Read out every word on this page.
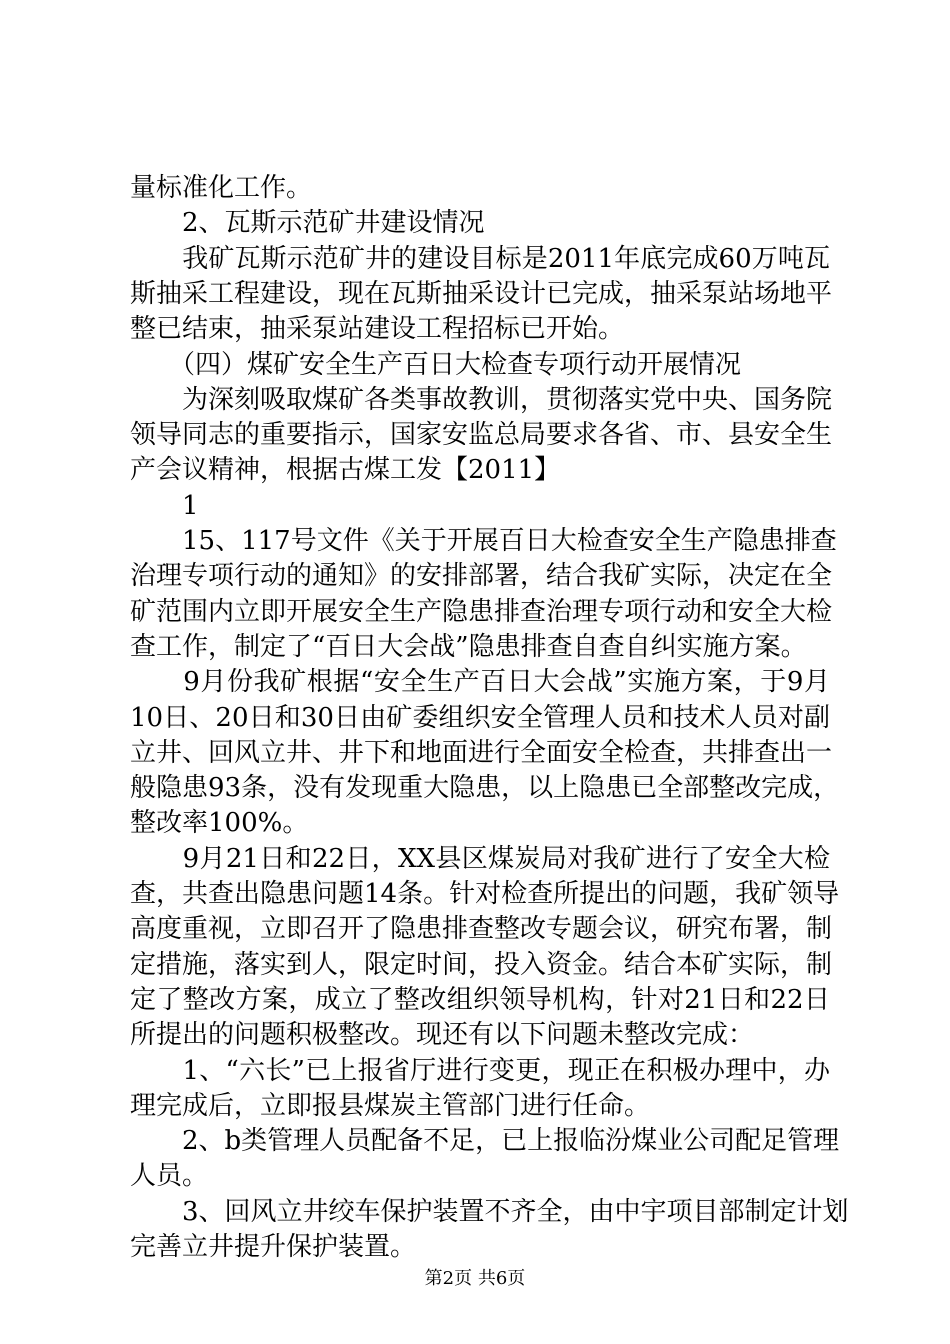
量标准化工作。
　　2、瓦斯示范矿井建设情况
　　我矿瓦斯示范矿井的建设目标是2011年底完成60万吨瓦
斯抽采工程建设，现在瓦斯抽采设计已完成，抽采泵站场地平
整已结束，抽采泵站建设工程招标已开始。
　　（四）煤矿安全生产百日大检查专项行动开展情况
　　为深刻吸取煤矿各类事故教训，贯彻落实党中央、国务院
领导同志的重要指示，国家安监总局要求各省、市、县安全生
产会议精神，根据古煤工发【2011】
　　1
　　15、117号文件《关于开展百日大检查安全生产隐患排查
治理专项行动的通知》的安排部署，结合我矿实际，决定在全
矿范围内立即开展安全生产隐患排查治理专项行动和安全大检
查工作，制定了“百日大会战”隐患排查自查自纠实施方案。
　　9月份我矿根据“安全生产百日大会战”实施方案，于9月
10日、20日和30日由矿委组织安全管理人员和技术人员对副
立井、回风立井、井下和地面进行全面安全检查，共排查出一
般隐患93条，没有发现重大隐患，以上隐患已全部整改完成，
整改率100%。
　　9月21日和22日，XX县区煤炭局对我矿进行了安全大检
查，共查出隐患问题14条。针对检查所提出的问题，我矿领导
高度重视，立即召开了隐患排查整改专题会议，研究布署，制
定措施，落实到人，限定时间，投入资金。结合本矿实际，制
定了整改方案，成立了整改组织领导机构，针对21日和22日
所提出的问题积极整改。现还有以下问题未整改完成：
　　1、“六长”已上报省厅进行变更，现正在积极办理中，办
理完成后，立即报县煤炭主管部门进行任命。
　　2、b类管理人员配备不足，已上报临汾煤业公司配足管理
人员。
　　3、回风立井绞车保护装置不齐全，由中宇项目部制定计划
完善立井提升保护装置。
第2页 共6页
